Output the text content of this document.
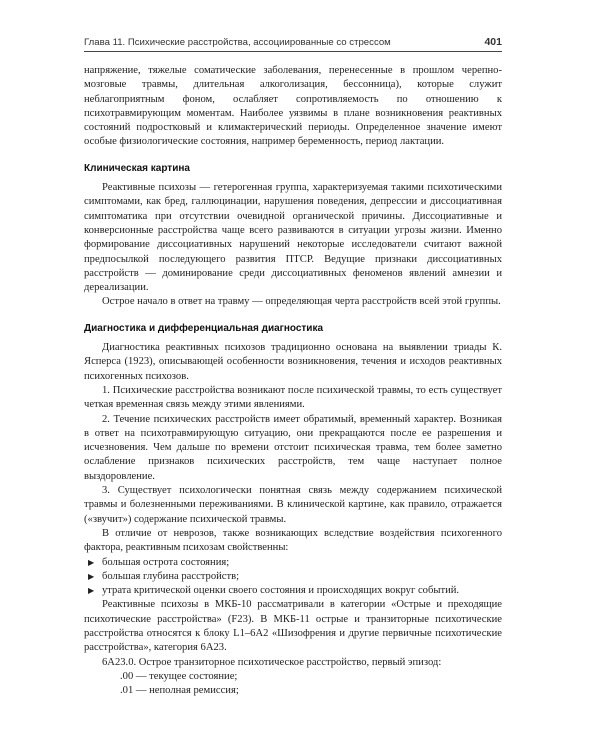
Глава 11. Психические расстройства, ассоциированные со стрессом	401

напряжение, тяжелые соматические заболевания, перенесенные в прошлом черепно-мозговые травмы, длительная алкоголизация, бессонница), которые служит неблагоприятным фоном, ослабляет сопротивляемость по отношению к психотравмирующим моментам. Наиболее уязвимы в плане возникновения реактивных состояний подростковый и климактерический периоды. Определенное значение имеют особые физиологические состояния, например беременность, период лактации.

Клиническая картина

Реактивные психозы — гетерогенная группа, характеризуемая такими психотическими симптомами, как бред, галлюцинации, нарушения поведения, депрессии и диссоциативная симптоматика при отсутствии очевидной органической причины. Диссоциативные и конверсионные расстройства чаще всего развиваются в ситуации угрозы жизни. Именно формирование диссоциативных нарушений некоторые исследователи считают важной предпосылкой последующего развития ПТСР. Ведущие признаки диссоциативных расстройств — доминирование среди диссоциативных феноменов явлений амнезии и дереализации.

Острое начало в ответ на травму — определяющая черта расстройств всей этой группы.

Диагностика и дифференциальная диагностика

Диагностика реактивных психозов традиционно основана на выявлении триады К. Ясперса (1923), описывающей особенности возникновения, течения и исходов реактивных психогенных психозов.

1. Психические расстройства возникают после психической травмы, то есть существует четкая временная связь между этими явлениями.

2. Течение психических расстройств имеет обратимый, временный характер. Возникая в ответ на психотравмирующую ситуацию, они прекращаются после ее разрешения и исчезновения. Чем дальше по времени отстоит психическая травма, тем более заметно ослабление признаков психических расстройств, тем чаще наступает полное выздоровление.

3. Существует психологически понятная связь между содержанием психической травмы и болезненными переживаниями. В клинической картине, как правило, отражается («звучит») содержание психической травмы.

В отличие от неврозов, также возникающих вследствие воздействия психогенного фактора, реактивным психозам свойственны:

▶ большая острота состояния;
▶ большая глубина расстройств;
▶ утрата критической оценки своего состояния и происходящих вокруг событий.

Реактивные психозы в МКБ-10 рассматривали в категории «Острые и преходящие психотические расстройства» (F23). В МКБ-11 острые и транзиторные психотические расстройства относятся к блоку L1–6A2 «Шизофрения и другие первичные психотические расстройства», категория 6А23.

6A23.0. Острое транзиторное психотическое расстройство, первый эпизод:
.00 — текущее состояние;
.01 — неполная ремиссия;
